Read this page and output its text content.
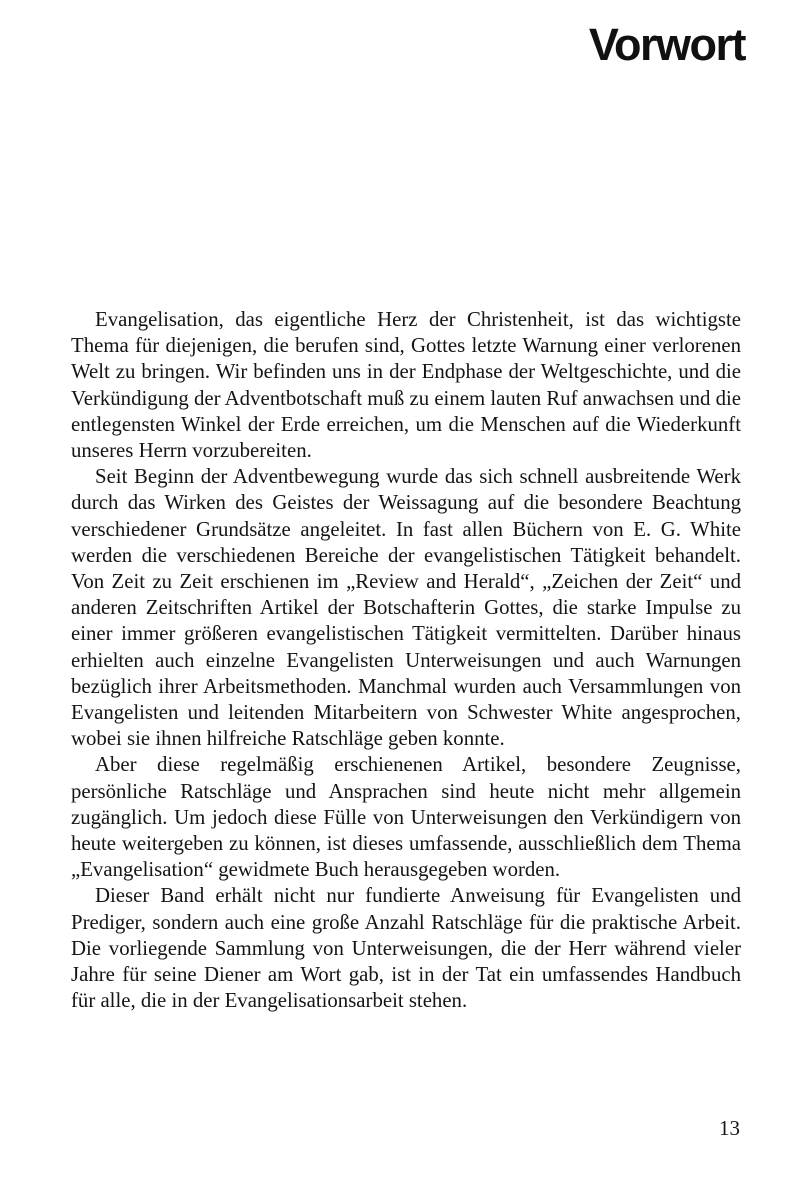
Vorwort

Evangelisation, das eigentliche Herz der Christenheit, ist das wichtigste Thema für diejenigen, die berufen sind, Gottes letzte Warnung einer verlorenen Welt zu bringen. Wir befinden uns in der Endphase der Weltgeschichte, und die Verkündigung der Adventbotschaft muß zu einem lauten Ruf anwachsen und die entlegensten Winkel der Erde erreichen, um die Menschen auf die Wiederkunft unseres Herrn vorzubereiten.

Seit Beginn der Adventbewegung wurde das sich schnell ausbreitende Werk durch das Wirken des Geistes der Weissagung auf die besondere Beachtung verschiedener Grundsätze angeleitet. In fast allen Büchern von E. G. White werden die verschiedenen Bereiche der evangelistischen Tätigkeit behandelt. Von Zeit zu Zeit erschienen im „Review and Herald“, „Zeichen der Zeit“ und anderen Zeitschriften Artikel der Botschafterin Gottes, die starke Impulse zu einer immer größeren evangelistischen Tätigkeit vermittelten. Darüber hinaus erhielten auch einzelne Evangelisten Unterweisungen und auch Warnungen bezüglich ihrer Arbeitsmethoden. Manchmal wurden auch Versammlungen von Evangelisten und leitenden Mitarbeitern von Schwester White angesprochen, wobei sie ihnen hilfreiche Ratschläge geben konnte.

Aber diese regelmäßig erschienenen Artikel, besondere Zeugnisse, persönliche Ratschläge und Ansprachen sind heute nicht mehr allgemein zugänglich. Um jedoch diese Fülle von Unterweisungen den Verkündigern von heute weitergeben zu können, ist dieses umfassende, ausschließlich dem Thema „Evangelisation“ gewidmete Buch herausgegeben worden.

Dieser Band erhält nicht nur fundierte Anweisung für Evangelisten und Prediger, sondern auch eine große Anzahl Ratschläge für die praktische Arbeit. Die vorliegende Sammlung von Unterweisungen, die der Herr während vieler Jahre für seine Diener am Wort gab, ist in der Tat ein umfassendes Handbuch für alle, die in der Evangelisationsarbeit stehen.

13
